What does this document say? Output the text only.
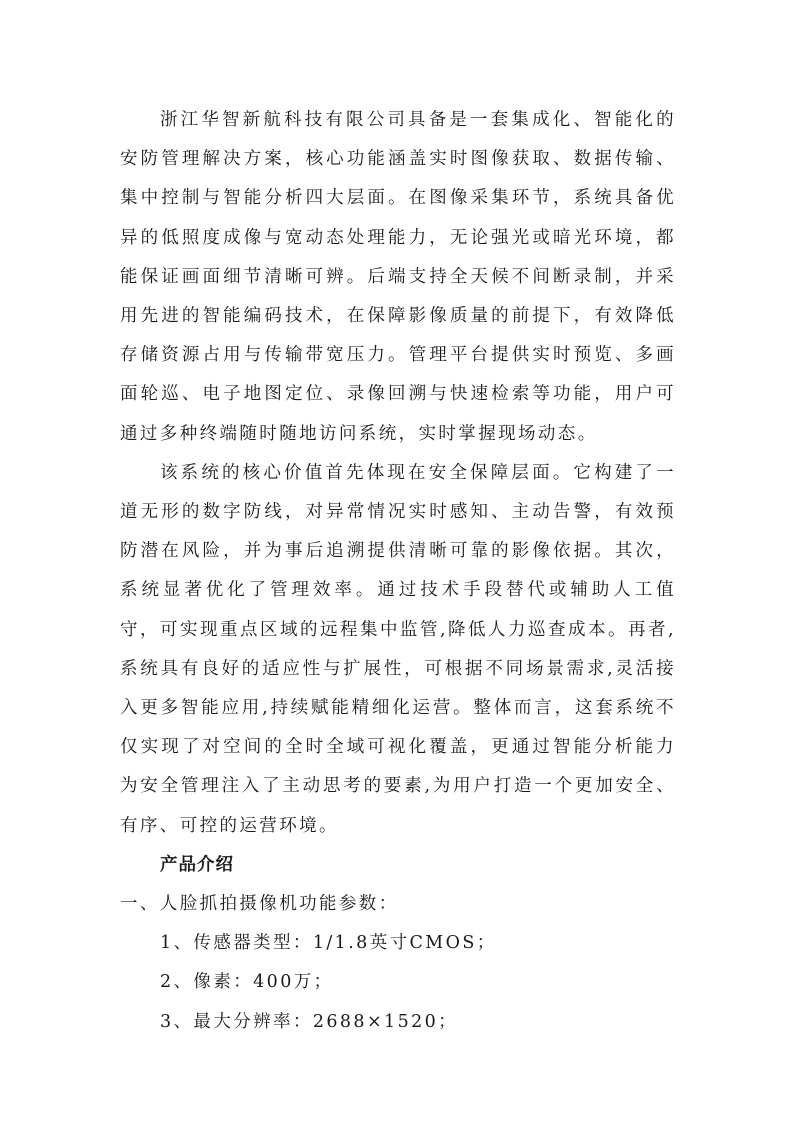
浙江华智新航科技有限公司具备是一套集成化、智能化的安防管理解决方案，核心功能涵盖实时图像获取、数据传输、集中控制与智能分析四大层面。在图像采集环节，系统具备优异的低照度成像与宽动态处理能力，无论强光或暗光环境，都能保证画面细节清晰可辨。后端支持全天候不间断录制，并采用先进的智能编码技术，在保障影像质量的前提下，有效降低存储资源占用与传输带宽压力。管理平台提供实时预览、多画面轮巡、电子地图定位、录像回溯与快速检索等功能，用户可通过多种终端随时随地访问系统，实时掌握现场动态。

该系统的核心价值首先体现在安全保障层面。它构建了一道无形的数字防线，对异常情况实时感知、主动告警，有效预防潜在风险，并为事后追溯提供清晰可靠的影像依据。其次，系统显著优化了管理效率。通过技术手段替代或辅助人工值守，可实现重点区域的远程集中监管,降低人力巡查成本。再者,系统具有良好的适应性与扩展性，可根据不同场景需求,灵活接入更多智能应用,持续赋能精细化运营。整体而言，这套系统不仅实现了对空间的全时全域可视化覆盖，更通过智能分析能力为安全管理注入了主动思考的要素,为用户打造一个更加安全、有序、可控的运营环境。

产品介绍

一、人脸抓拍摄像机功能参数：

1、传感器类型：1/1.8英寸CMOS；

2、像素：400万；

3、最大分辨率：2688×1520；
